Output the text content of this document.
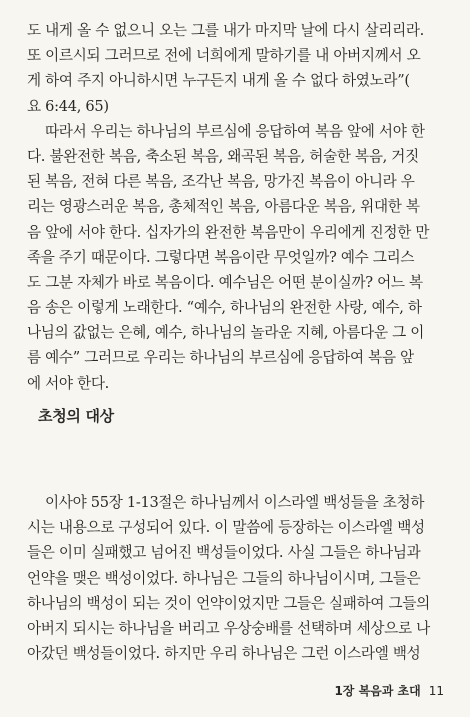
도 내게 올 수 없으니 오는 그를 내가 마지막 날에 다시 살리리라.
또 이르시되 그러므로 전에 너희에게 말하기를 내 아버지께서 오
게 하여 주지 아니하시면 누구든지 내게 올 수 없다 하였노라”(
요 6:44, 65)
따라서 우리는 하나님의 부르심에 응답하여 복음 앞에 서야 한
다. 불완전한 복음, 축소된 복음, 왜곡된 복음, 허술한 복음, 거짓
된 복음, 전혀 다른 복음, 조각난 복음, 망가진 복음이 아니라 우
리는 영광스러운 복음, 총체적인 복음, 아름다운 복음, 위대한 복
음 앞에 서야 한다. 십자가의 완전한 복음만이 우리에게 진정한 만
족을 주기 때문이다. 그렇다면 복음이란 무엇일까? 예수 그리스
도 그분 자체가 바로 복음이다. 예수님은 어떤 분이실까? 어느 복
음 송은 이렇게 노래한다. “예수, 하나님의 완전한 사랑, 예수, 하
나님의 값없는 은혜, 예수, 하나님의 놀라운 지혜, 아름다운 그 이
름 예수” 그러므로 우리는 하나님의 부르심에 응답하여 복음 앞
에 서야 한다.
초청의 대상
이사야 55장 1-13절은 하나님께서 이스라엘 백성들을 초청하
시는 내용으로 구성되어 있다. 이 말씀에 등장하는 이스라엘 백성
들은 이미 실패했고 넘어진 백성들이었다. 사실 그들은 하나님과
언약을 맺은 백성이었다. 하나님은 그들의 하나님이시며, 그들은
하나님의 백성이 되는 것이 언약이었지만 그들은 실패하여 그들의
아버지 되시는 하나님을 버리고 우상숭배를 선택하며 세상으로 나
아갔던 백성들이었다. 하지만 우리 하나님은 그런 이스라엘 백성
1장 복음과 초대 11
